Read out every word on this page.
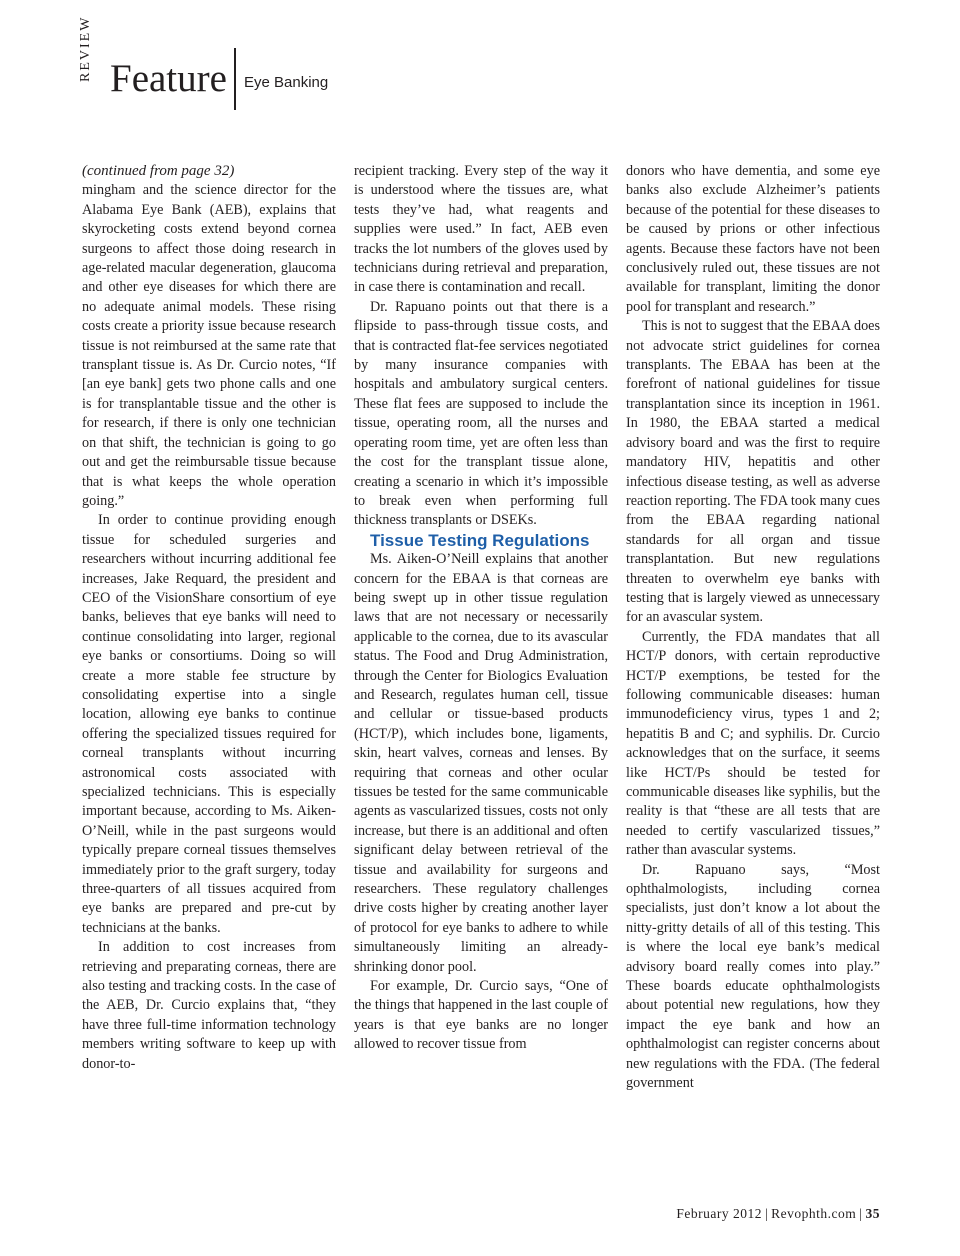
REVIEW Feature Eye Banking

(continued from page 32)

mingham and the science director for the Alabama Eye Bank (AEB), explains that skyrocketing costs extend beyond cornea surgeons to affect those doing research in age-related macular degeneration, glaucoma and other eye diseases for which there are no adequate animal models. These rising costs create a priority issue because research tissue is not reimbursed at the same rate that transplant tissue is. As Dr. Curcio notes, “If [an eye bank] gets two phone calls and one is for transplantable tissue and the other is for research, if there is only one technician on that shift, the technician is going to go out and get the reimbursable tissue because that is what keeps the whole operation going.”

In order to continue providing enough tissue for scheduled surgeries and researchers without incurring additional fee increases, Jake Requard, the president and CEO of the VisionShare consortium of eye banks, believes that eye banks will need to continue consolidating into larger, regional eye banks or consortiums. Doing so will create a more stable fee structure by consolidating expertise into a single location, allowing eye banks to continue offering the specialized tissues required for corneal transplants without incurring astronomical costs associated with specialized technicians. This is especially important because, according to Ms. Aiken-O’Neill, while in the past surgeons would typically prepare corneal tissues themselves immediately prior to the graft surgery, today three-quarters of all tissues acquired from eye banks are prepared and pre-cut by technicians at the banks.

In addition to cost increases from retrieving and preparating corneas, there are also testing and tracking costs. In the case of the AEB, Dr. Curcio explains that, “they have three full-time information technology members writing software to keep up with donor-to-

recipient tracking. Every step of the way it is understood where the tissues are, what tests they’ve had, what reagents and supplies were used.” In fact, AEB even tracks the lot numbers of the gloves used by technicians during retrieval and preparation, in case there is contamination and recall.

Dr. Rapuano points out that there is a flipside to pass-through tissue costs, and that is contracted flat-fee services negotiated by many insurance companies with hospitals and ambulatory surgical centers. These flat fees are supposed to include the tissue, operating room, all the nurses and operating room time, yet are often less than the cost for the transplant tissue alone, creating a scenario in which it’s impossible to break even when performing full thickness transplants or DSEKs.

Tissue Testing Regulations

Ms. Aiken-O’Neill explains that another concern for the EBAA is that corneas are being swept up in other tissue regulation laws that are not necessary or necessarily applicable to the cornea, due to its avascular status. The Food and Drug Administration, through the Center for Biologics Evaluation and Research, regulates human cell, tissue and cellular or tissue-based products (HCT/P), which includes bone, ligaments, skin, heart valves, corneas and lenses. By requiring that corneas and other ocular tissues be tested for the same communicable agents as vascularized tissues, costs not only increase, but there is an additional and often significant delay between retrieval of the tissue and availability for surgeons and researchers. These regulatory challenges drive costs higher by creating another layer of protocol for eye banks to adhere to while simultaneously limiting an already-shrinking donor pool.

For example, Dr. Curcio says, “One of the things that happened in the last couple of years is that eye banks are no longer allowed to recover tissue from

donors who have dementia, and some eye banks also exclude Alzheimer’s patients because of the potential for these diseases to be caused by prions or other infectious agents. Because these factors have not been conclusively ruled out, these tissues are not available for transplant, limiting the donor pool for transplant and research.”

This is not to suggest that the EBAA does not advocate strict guidelines for cornea transplants. The EBAA has been at the forefront of national guidelines for tissue transplantation since its inception in 1961. In 1980, the EBAA started a medical advisory board and was the first to require mandatory HIV, hepatitis and other infectious disease testing, as well as adverse reaction reporting. The FDA took many cues from the EBAA regarding national standards for all organ and tissue transplantation. But new regulations threaten to overwhelm eye banks with testing that is largely viewed as unnecessary for an avascular system.

Currently, the FDA mandates that all HCT/P donors, with certain reproductive HCT/P exemptions, be tested for the following communicable diseases: human immunodeficiency virus, types 1 and 2; hepatitis B and C; and syphilis. Dr. Curcio acknowledges that on the surface, it seems like HCT/Ps should be tested for communicable diseases like syphilis, but the reality is that “these are all tests that are needed to certify vascularized tissues,” rather than avascular systems.

Dr. Rapuano says, “Most ophthalmologists, including cornea specialists, just don’t know a lot about the nitty-gritty details of all of this testing. This is where the local eye bank’s medical advisory board really comes into play.” These boards educate ophthalmologists about potential new regulations, how they impact the eye bank and how an ophthalmologist can register concerns about new regulations with the FDA. (The federal government

February 2012 | Revophth.com | 35
